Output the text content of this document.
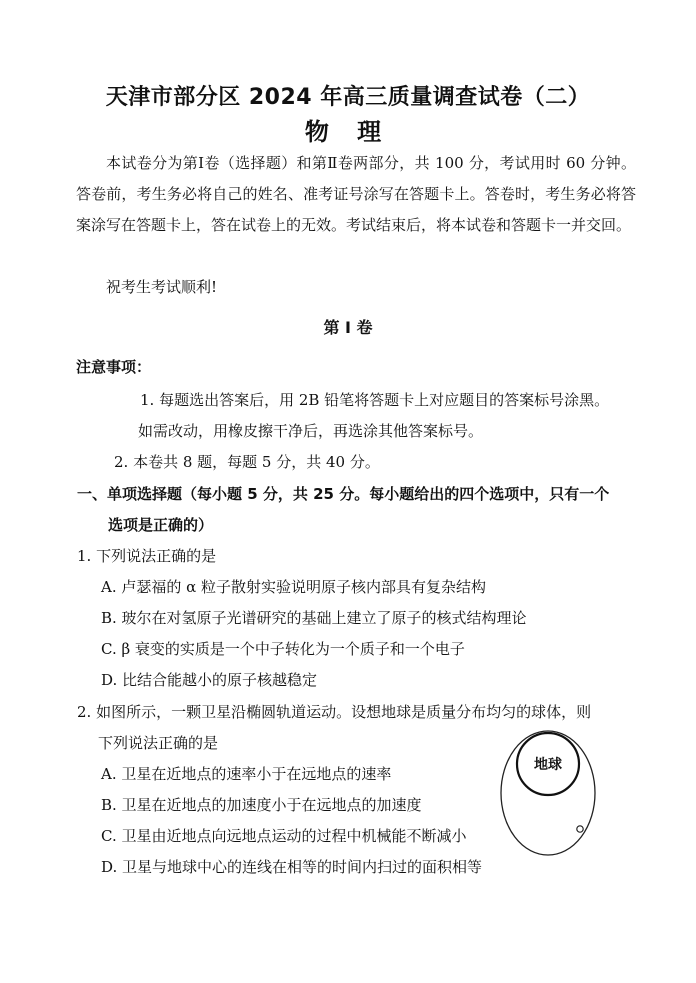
天津市部分区 2024 年高三质量调查试卷（二）
物 理
本试卷分为第Ⅰ卷（选择题）和第Ⅱ卷两部分，共 100 分，考试用时 60 分钟。答卷前，考生务必将自己的姓名、准考证号涂写在答题卡上。答卷时，考生务必将答案涂写在答题卡上，答在试卷上的无效。考试结束后，将本试卷和答题卡一并交回。
祝考生考试顺利!
第 Ⅰ 卷
注意事项：
1. 每题选出答案后，用 2B 铅笔将答题卡上对应题目的答案标号涂黑。
如需改动，用橡皮擦干净后，再选涂其他答案标号。
2. 本卷共 8 题，每题 5 分，共 40 分。
一、单项选择题（每小题 5 分，共 25 分。每小题给出的四个选项中，只有一个
选项是正确的）
1. 下列说法正确的是
A. 卢瑟福的 α 粒子散射实验说明原子核内部具有复杂结构
B. 玻尔在对氢原子光谱研究的基础上建立了原子的核式结构理论
C. β 衰变的实质是一个中子转化为一个质子和一个电子
D. 比结合能越小的原子核越稳定
2. 如图所示，一颗卫星沿椭圆轨道运动。设想地球是质量分布均匀的球体，则
下列说法正确的是
A. 卫星在近地点的速率小于在远地点的速率
B. 卫星在近地点的加速度小于在远地点的加速度
C. 卫星由近地点向远地点运动的过程中机械能不断减小
D. 卫星与地球中心的连线在相等的时间内扫过的面积相等
地球
